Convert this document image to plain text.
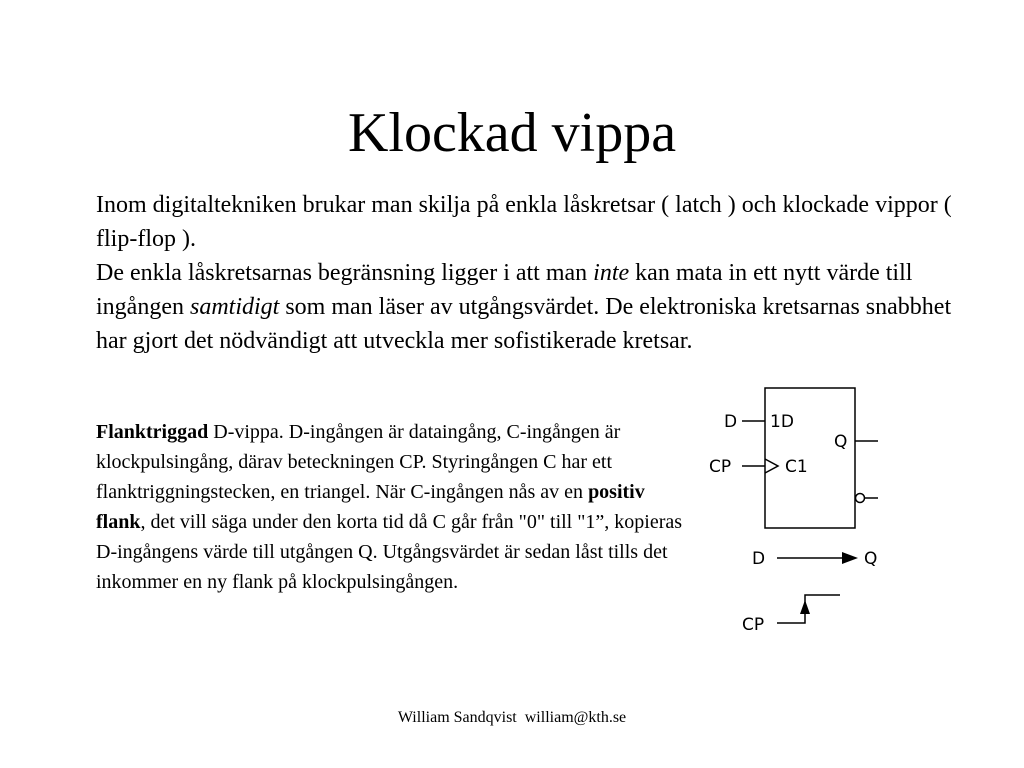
Klockad vippa
Inom digitaltekniken brukar man skilja på enkla låskretsar ( latch ) och klockade vippor ( flip-flop ).
De enkla låskretsarnas begränsning ligger i att man inte kan mata in ett nytt värde till ingången samtidigt som man läser av utgångsvärdet. De elektroniska kretsarnas snabbhet har gjort det nödvändigt att utveckla mer sofistikerade kretsar.
Flanktriggad D-vippa. D-ingången är dataingång, C-ingången är klockpulsingång, därav beteckningen CP. Styringången C har ett flanktriggningstecken, en triangel. När C-ingången nås av en positiv flank, det vill säga under den korta tid då C går från "0" till "1”, kopieras D-ingångens värde till utgången Q. Utgångsvärdet är sedan låst tills det inkommer en ny flank på klockpulsingången.
D 1D
Q
CP	C1
D	Q
CP
William Sandqvist william@kth.se
